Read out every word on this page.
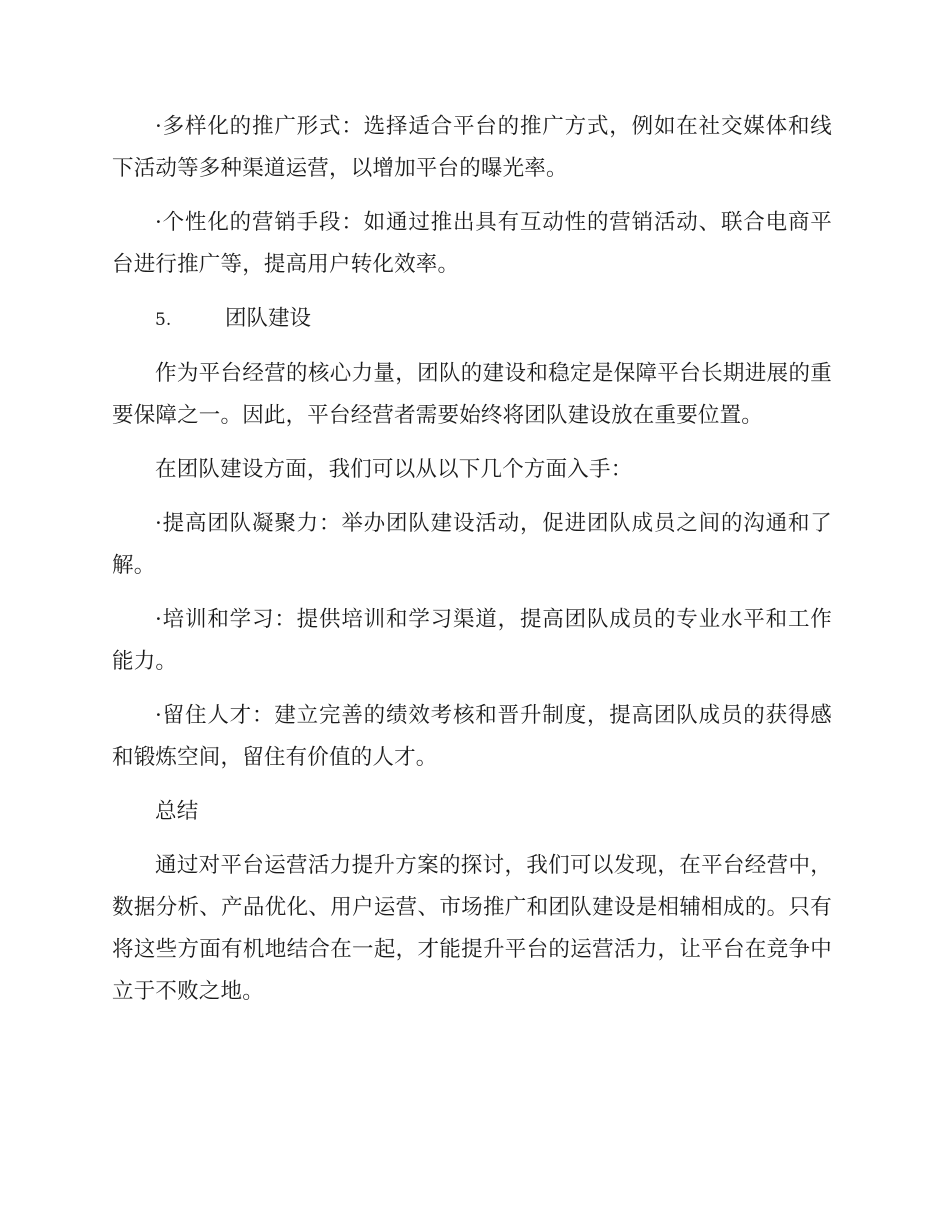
·多样化的推广形式：选择适合平台的推广方式，例如在社交媒体和线下活动等多种渠道运营，以增加平台的曝光率。

·个性化的营销手段：如通过推出具有互动性的营销活动、联合电商平台进行推广等，提高用户转化效率。

5.	团队建设

作为平台经营的核心力量，团队的建设和稳定是保障平台长期进展的重要保障之一。因此，平台经营者需要始终将团队建设放在重要位置。

在团队建设方面，我们可以从以下几个方面入手：

·提高团队凝聚力：举办团队建设活动，促进团队成员之间的沟通和了解。

·培训和学习：提供培训和学习渠道，提高团队成员的专业水平和工作能力。

·留住人才：建立完善的绩效考核和晋升制度，提高团队成员的获得感和锻炼空间，留住有价值的人才。

总结

通过对平台运营活力提升方案的探讨，我们可以发现，在平台经营中，数据分析、产品优化、用户运营、市场推广和团队建设是相辅相成的。只有将这些方面有机地结合在一起，才能提升平台的运营活力，让平台在竞争中立于不败之地。
